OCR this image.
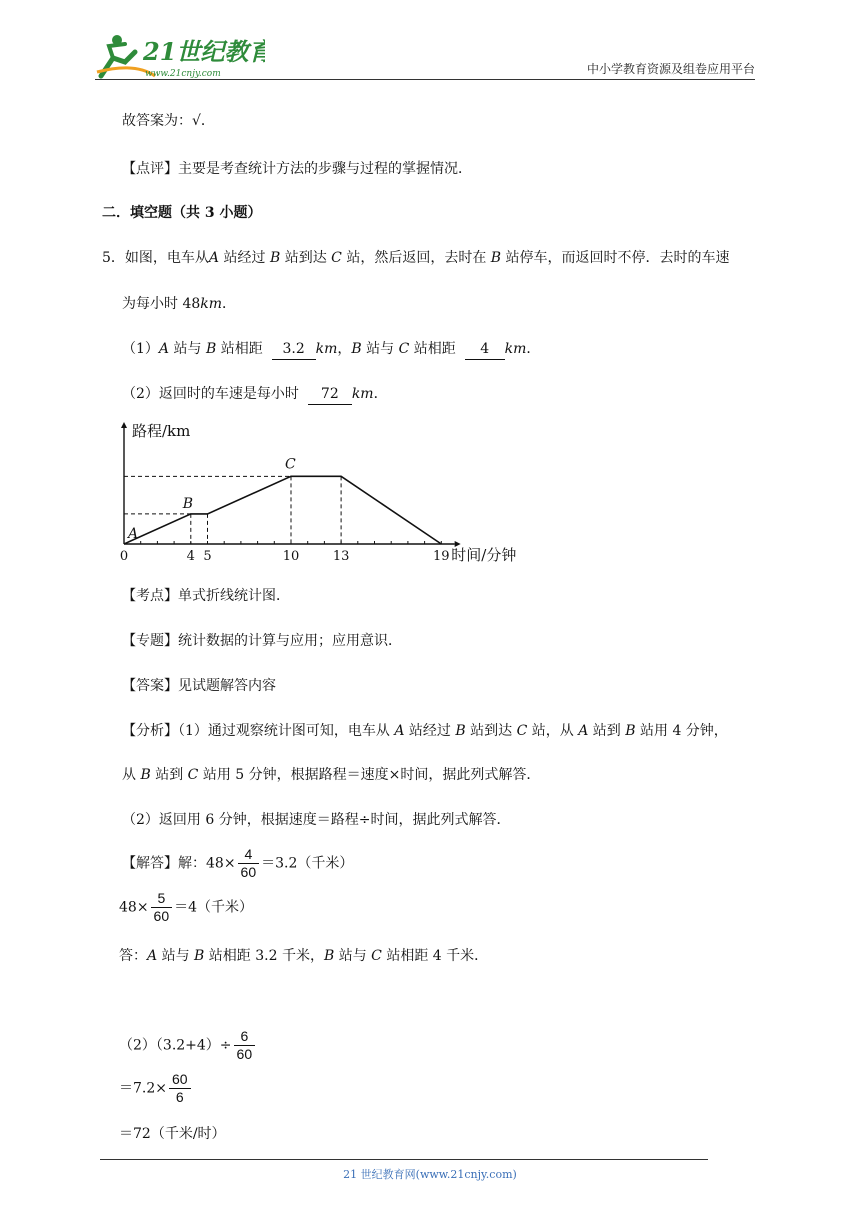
21世纪教育
www.21cnjy.com	中小学教育资源及组卷应用平台
故答案为：√．
【点评】主要是考查统计方法的步骤与过程的掌握情况．
二．填空题（共 3 小题）
5．如图，电车从A 站经过 B 站到达 C 站，然后返回，去时在 B 站停车，而返回时不停．去时的车速
为每小时 48km．
（1）A 站与 B 站相距 3.2 km，B 站与 C 站相距 4 km．
（2）返回时的车速是每小时 72 km．
0	4 5	10	13	19
路程/km
时间/分钟
A
B
C
【考点】单式折线统计图．
【专题】统计数据的计算与应用；应用意识．
【答案】见试题解答内容
【分析】（1）通过观察统计图可知，电车从 A 站经过 B 站到达 C 站，从 A 站到 B 站用 4 分钟，
从 B 站到 C 站用 5 分钟，根据路程＝速度×时间，据此列式解答．
（2）返回用 6 分钟，根据速度＝路程÷时间，据此列式解答．
【解答】解：$48\times \frac{4}{60} =3.2$（千米）
$48\times \frac{5}{60} =4$（千米）
答：A 站与 B 站相距 3.2 千米，B 站与 C 站相距 4 千米．
$(2)(3.2+4)\div \frac{6}{60}$
$=7.2\times \frac{60}{6}$
＝72（千米/时）
21 世纪教育网(www.21cnjy.com)
